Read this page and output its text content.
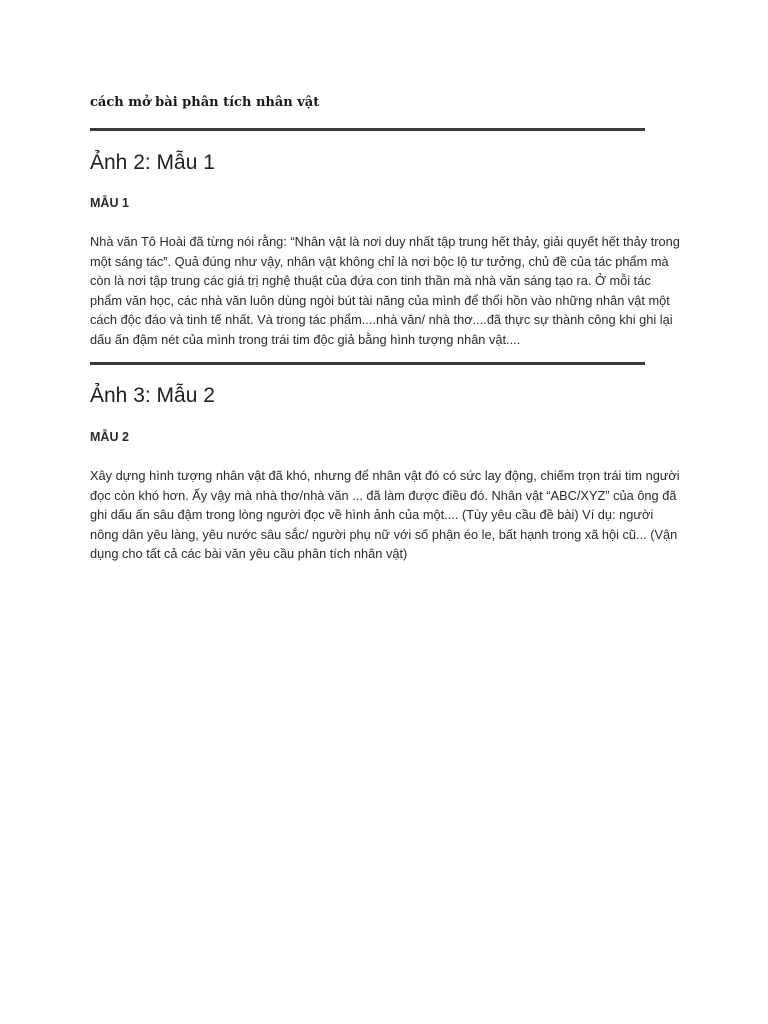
cách mở bài phân tích nhân vật
Ảnh 2: Mẫu 1
MẪU 1

Nhà văn Tô Hoài đã từng nói rằng: “Nhân vật là nơi duy nhất tập trung hết thảy, giải quyết hết thảy trong một sáng tác”. Quả đúng như vậy, nhân vật không chỉ là nơi bộc lộ tư tưởng, chủ đề của tác phẩm mà còn là nơi tập trung các giá trị nghệ thuật của đứa con tinh thần mà nhà văn sáng tạo ra. Ở mỗi tác phẩm văn học, các nhà văn luôn dùng ngòi bút tài năng của mình để thổi hồn vào những nhân vật một cách độc đáo và tinh tế nhất. Và trong tác phẩm....nhà văn/ nhà thơ....đã thực sự thành công khi ghi lại dấu ấn đậm nét của mình trong trái tim độc giả bằng hình tượng nhân vật....

Ảnh 3: Mẫu 2
MẪU 2

Xây dựng hình tượng nhân vật đã khó, nhưng để nhân vật đó có sức lay động, chiếm trọn trái tim người đọc còn khó hơn. Ấy vậy mà nhà thơ/nhà văn ... đã làm được điều đó. Nhân vật “ABC/XYZ” của ông đã ghi dấu ấn sâu đậm trong lòng người đọc về hình ảnh của một.... (Tùy yêu cầu đề bài) Ví dụ: người nông dân yêu làng, yêu nước sâu sắc/ người phụ nữ với số phận éo le, bất hạnh trong xã hội cũ... (Vận dụng cho tất cả các bài văn yêu cầu phân tích nhân vật)
